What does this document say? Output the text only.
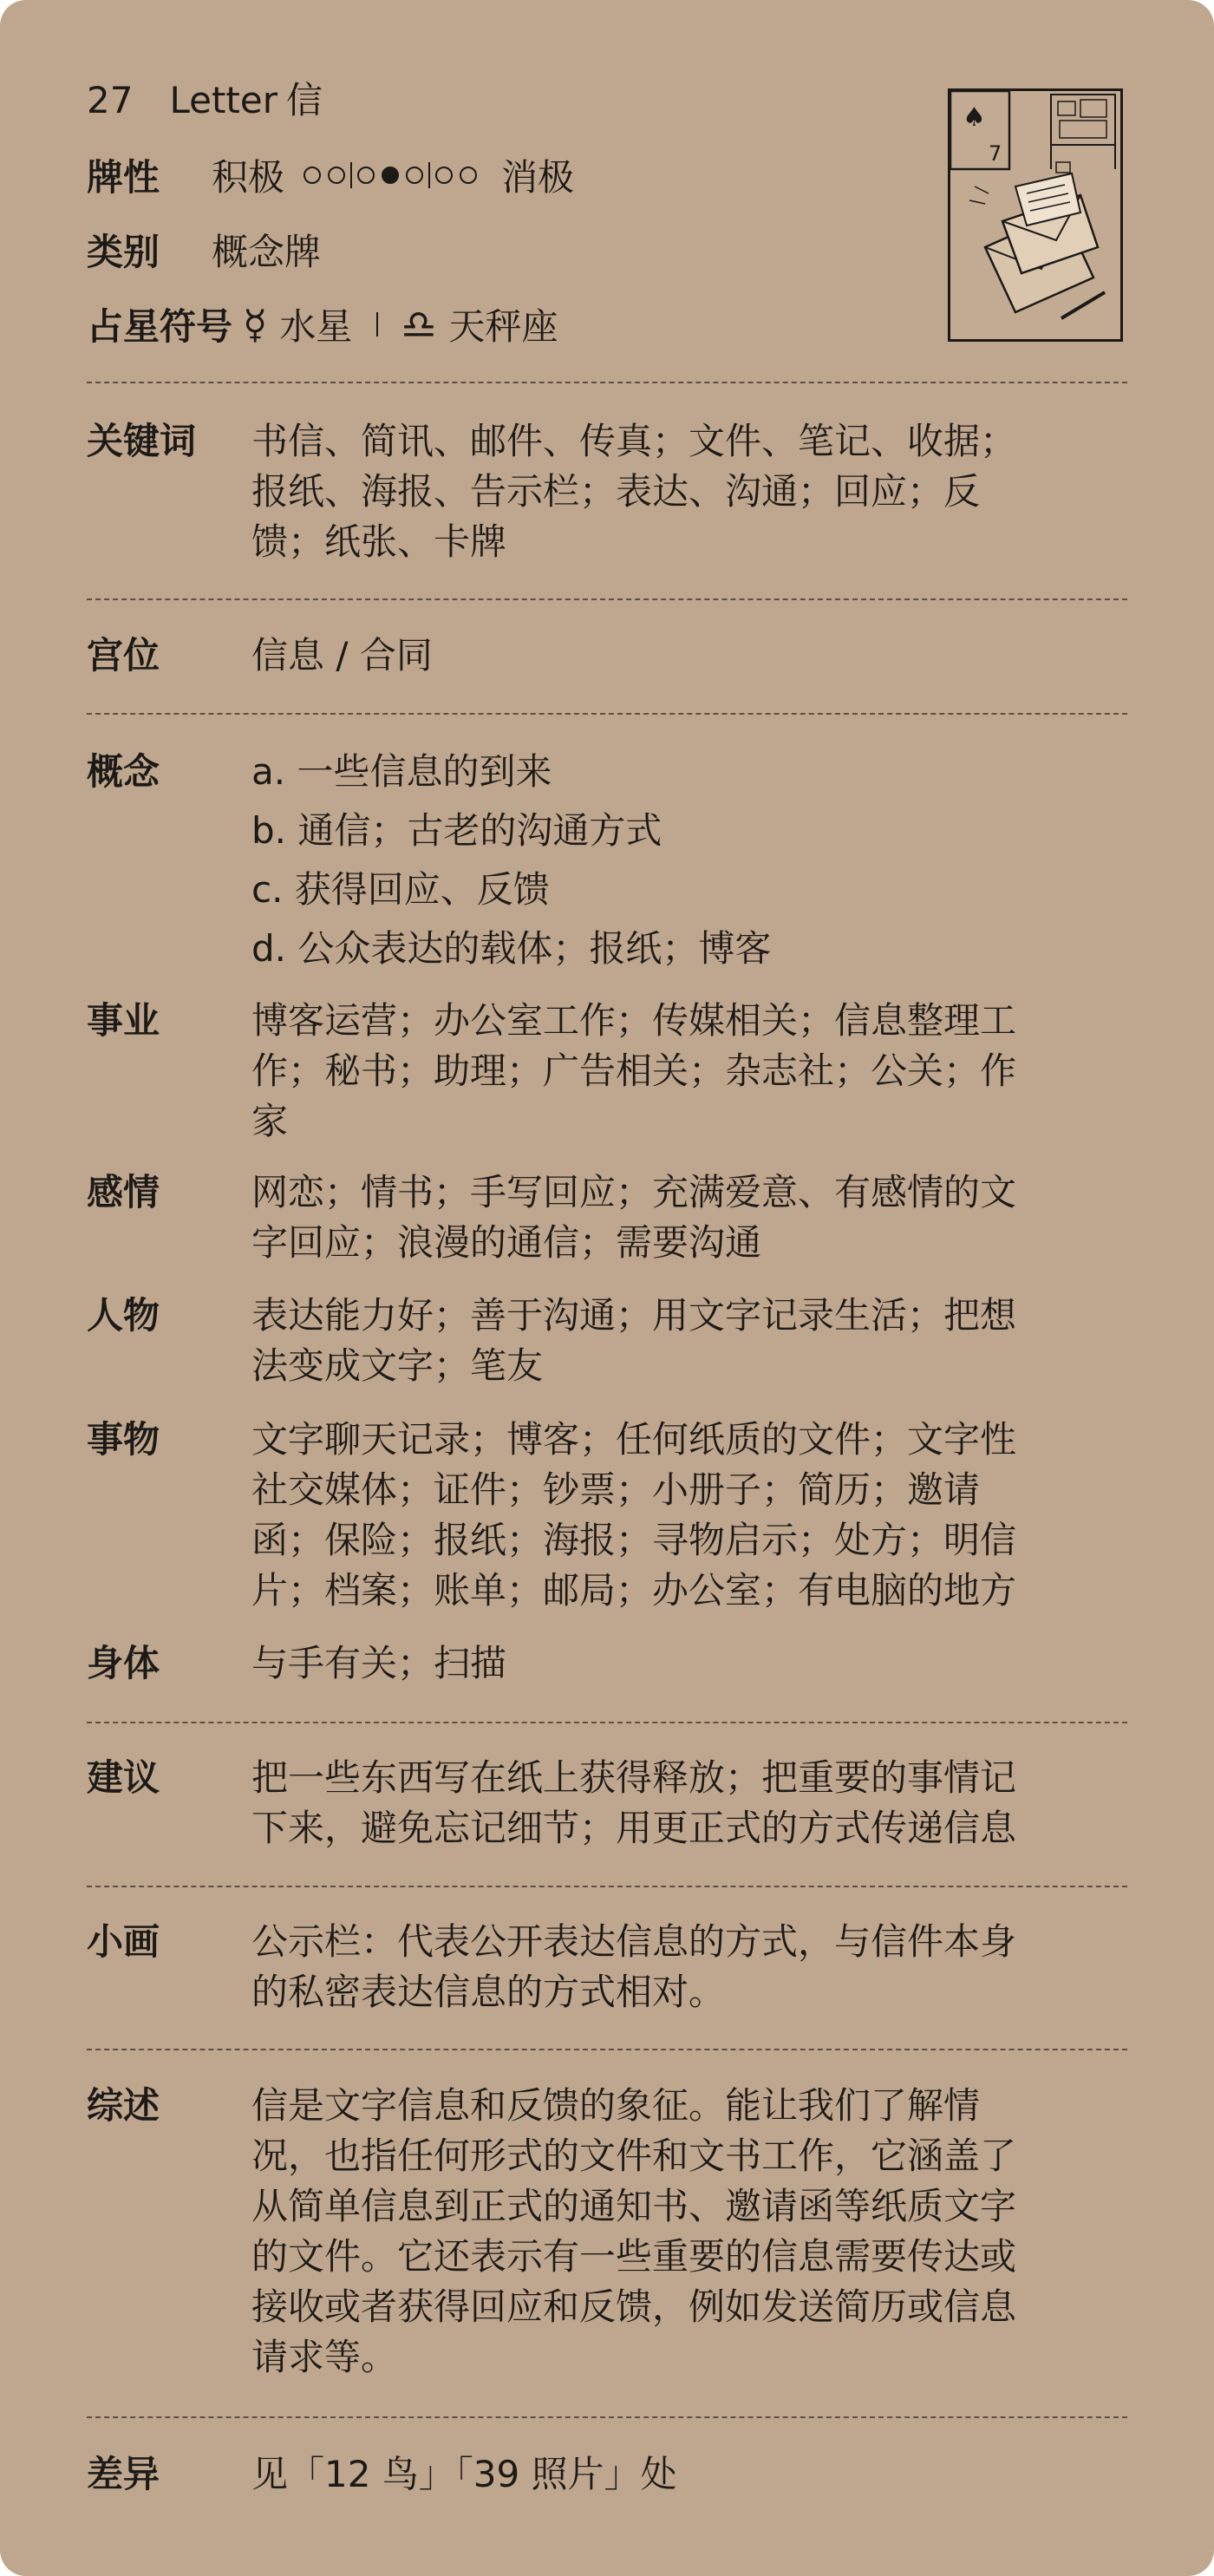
27 Letter 信
牌性	积极	消极
类别	概念牌
占星符号 ☿ 水星 ♎ 天秤座
♠
7
关键词	书信、简讯、邮件、传真；文件、笔记、收据；
报纸、海报、告示栏；表达、沟通；回应；反
馈；纸张、卡牌
宫位	信息 / 合同
概念	a. 一些信息的到来
b. 通信；古老的沟通方式
c. 获得回应、反馈
d. 公众表达的载体；报纸；博客
事业	博客运营；办公室工作；传媒相关；信息整理工
作；秘书；助理；广告相关；杂志社；公关；作
家
感情	网恋；情书；手写回应；充满爱意、有感情的文
字回应；浪漫的通信；需要沟通
人物	表达能力好；善于沟通；用文字记录生活；把想
法变成文字；笔友
事物	文字聊天记录；博客；任何纸质的文件；文字性
社交媒体；证件；钞票；小册子；简历；邀请
函；保险；报纸；海报；寻物启示；处方；明信
片；档案；账单；邮局；办公室；有电脑的地方
身体	与手有关；扫描
建议	把一些东西写在纸上获得释放；把重要的事情记
下来，避免忘记细节；用更正式的方式传递信息
小画	公示栏：代表公开表达信息的方式，与信件本身
的私密表达信息的方式相对。
综述	信是文字信息和反馈的象征。能让我们了解情
况，也指任何形式的文件和文书工作，它涵盖了
从简单信息到正式的通知书、邀请函等纸质文字
的文件。它还表示有一些重要的信息需要传达或
接收或者获得回应和反馈，例如发送简历或信息
请求等。
差异	见「12 鸟」「39 照片」处
